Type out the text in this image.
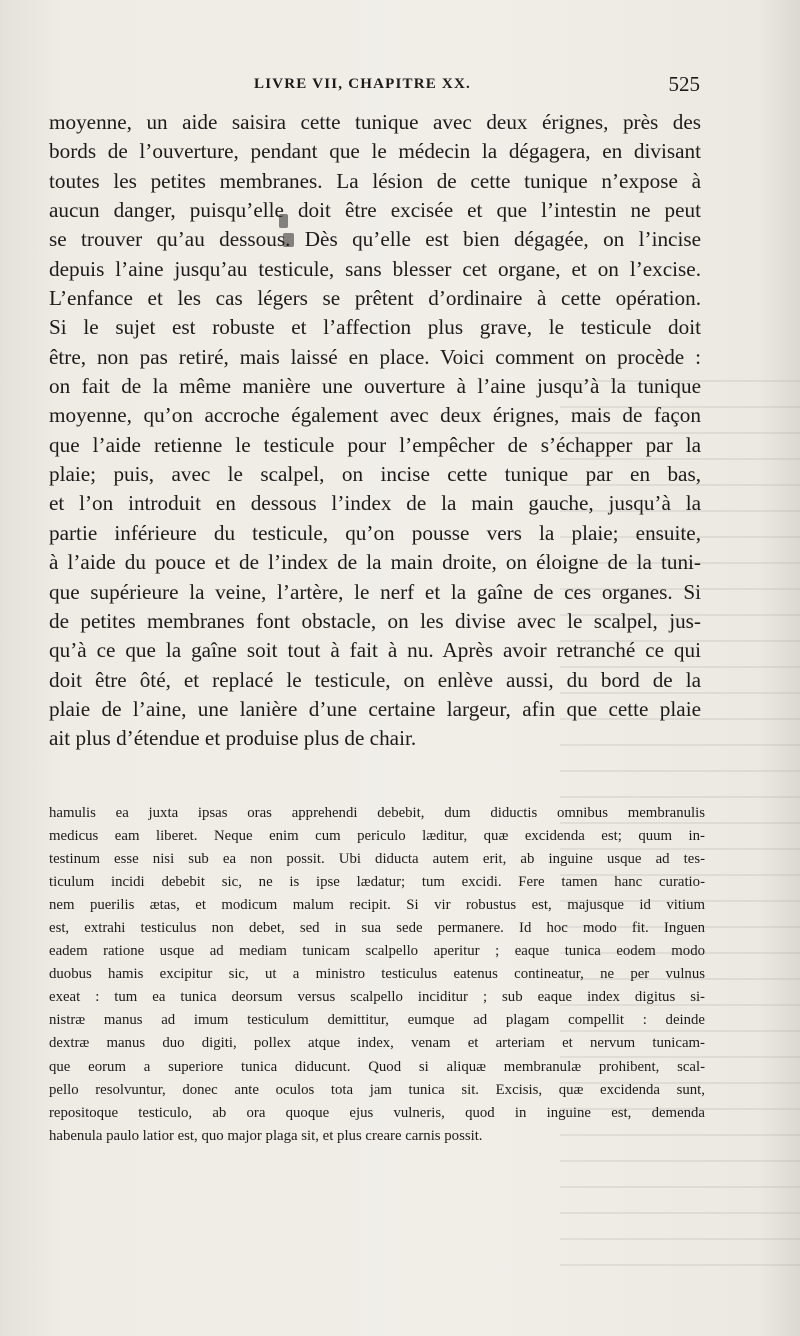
LIVRE VII, CHAPITRE XX.	525
moyenne, un aide saisira cette tunique avec deux érignes, près des
bords de l’ouverture, pendant que le médecin la dégagera, en divisant
toutes les petites membranes. La lésion de cette tunique n’expose à
aucun danger, puisqu’elle doit être excisée et que l’intestin ne peut
se trouver qu’au dessous. Dès qu’elle est bien dégagée, on l’incise
depuis l’aine jusqu’au testicule, sans blesser cet organe, et on l’excise.
L’enfance et les cas légers se prêtent d’ordinaire à cette opération.
Si le sujet est robuste et l’affection plus grave, le testicule doit
être, non pas retiré, mais laissé en place. Voici comment on procède :
on fait de la même manière une ouverture à l’aine jusqu’à la tunique
moyenne, qu’on accroche également avec deux érignes, mais de façon
que l’aide retienne le testicule pour l’empêcher de s’échapper par la
plaie; puis, avec le scalpel, on incise cette tunique par en bas,
et l’on introduit en dessous l’index de la main gauche, jusqu’à la
partie inférieure du testicule, qu’on pousse vers la plaie; ensuite,
à l’aide du pouce et de l’index de la main droite, on éloigne de la tuni-
que supérieure la veine, l’artère, le nerf et la gaîne de ces organes. Si
de petites membranes font obstacle, on les divise avec le scalpel, jus-
qu’à ce que la gaîne soit tout à fait à nu. Après avoir retranché ce qui
doit être ôté, et replacé le testicule, on enlève aussi, du bord de la
plaie de l’aine, une lanière d’une certaine largeur, afin que cette plaie
ait plus d’étendue et produise plus de chair.
hamulis ea juxta ipsas oras apprehendi debebit, dum diductis omnibus membranulis
medicus eam liberet. Neque enim cum periculo læditur, quæ excidenda est; quum in-
testinum esse nisi sub ea non possit. Ubi diducta autem erit, ab inguine usque ad tes-
ticulum incidi debebit sic, ne is ipse lædatur; tum excidi. Fere tamen hanc curatio-
nem puerilis ætas, et modicum malum recipit. Si vir robustus est, majusque id vitium
est, extrahi testiculus non debet, sed in sua sede permanere. Id hoc modo fit. Inguen
eadem ratione usque ad mediam tunicam scalpello aperitur ; eaque tunica eodem modo
duobus hamis excipitur sic, ut a ministro testiculus eatenus contineatur, ne per vulnus
exeat : tum ea tunica deorsum versus scalpello inciditur ; sub eaque index digitus si-
nistræ manus ad imum testiculum demittitur, eumque ad plagam compellit : deinde
dextræ manus duo digiti, pollex atque index, venam et arteriam et nervum tunicam-
que eorum a superiore tunica diducunt. Quod si aliquæ membranulæ prohibent, scal-
pello resolvuntur, donec ante oculos tota jam tunica sit. Excisis, quæ excidenda sunt,
repositoque testiculo, ab ora quoque ejus vulneris, quod in inguine est, demenda
habenula paulo latior est, quo major plaga sit, et plus creare carnis possit.
